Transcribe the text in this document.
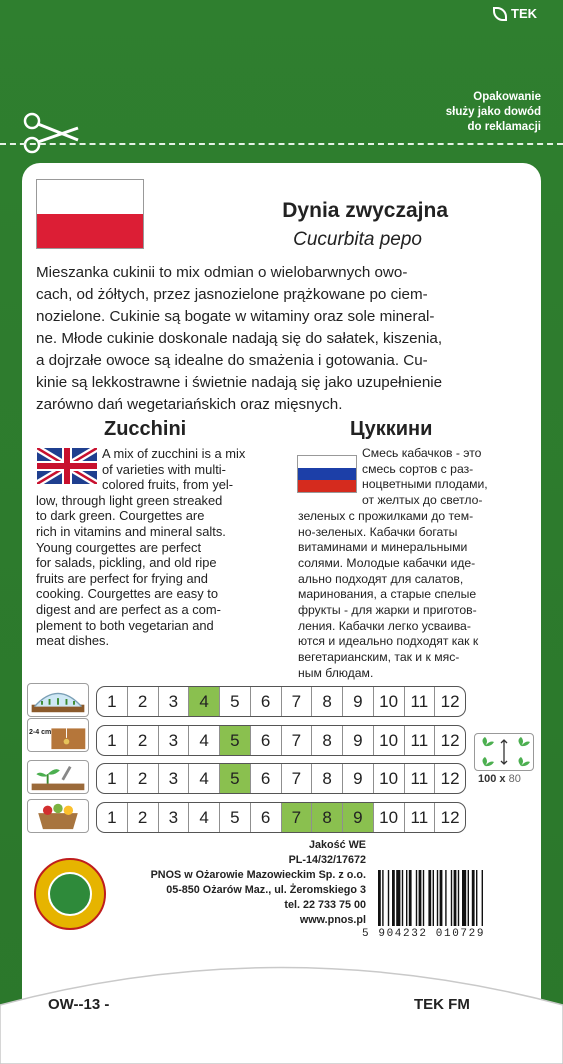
TEK
Opakowanie
służy jako dowód
do reklamacji
Dynia zwyczajna
Cucurbita pepo
Mieszanka cukinii to mix odmian o wielobarwnych owo-
cach, od żółtych, przez jasnozielone prążkowane po ciem-
nozielone. Cukinie są bogate w witaminy oraz sole mineral-
ne. Młode cukinie doskonale nadają się do sałatek, kiszenia,
a dojrzałe owoce są idealne do smażenia i gotowania. Cu-
kinie są lekkostrawne i świetnie nadają się jako uzupełnienie
zarówno dań wegetariańskich oraz mięsnych.
Zucchini	Цуккини
A mix of zucchini is a mix
of varieties with multi-
colored fruits, from yel-
low, through light green streaked
to dark green. Courgettes are
rich in vitamins and mineral salts.
Young courgettes are perfect
for salads, pickling, and old ripe
fruits are perfect for frying and
cooking. Courgettes are easy to
digest and are perfect as a com-
plement to both vegetarian and
meat dishes.
Смесь кабачков - это
смесь сортов с раз-
ноцветными плодами,
от желтых до светло-
зеленых с прожилками до тем-
но-зеленых. Кабачки богаты
витаминами и минеральными
солями. Молодые кабачки иде-
ально подходят для салатов,
маринования, а старые спелые
фрукты - для жарки и приготов-
ления. Кабачки легко усваива-
ются и идеально подходят как к
вегетарианским, так и к мяс-
ным блюдам.
2-4 cm
1	2	3	4	5	6	7	8	9 10 11 12
1	2	3	4	5	6	7	8	9 10 11 12
1	2	3	4	5	6	7	8	9 10 11 12
1	2	3	4	5	6	7	8	9 10 11 12
100 x 80
Jakość WE
PL-14/32/17672
PNOS w Ożarowie Mazowieckim Sp. z o.o.
05-850 Ożarów Maz., ul. Żeromskiego 3
tel. 22 733 75 00
www.pnos.pl
5 904232 010729
OW--13 -	TEK FM
